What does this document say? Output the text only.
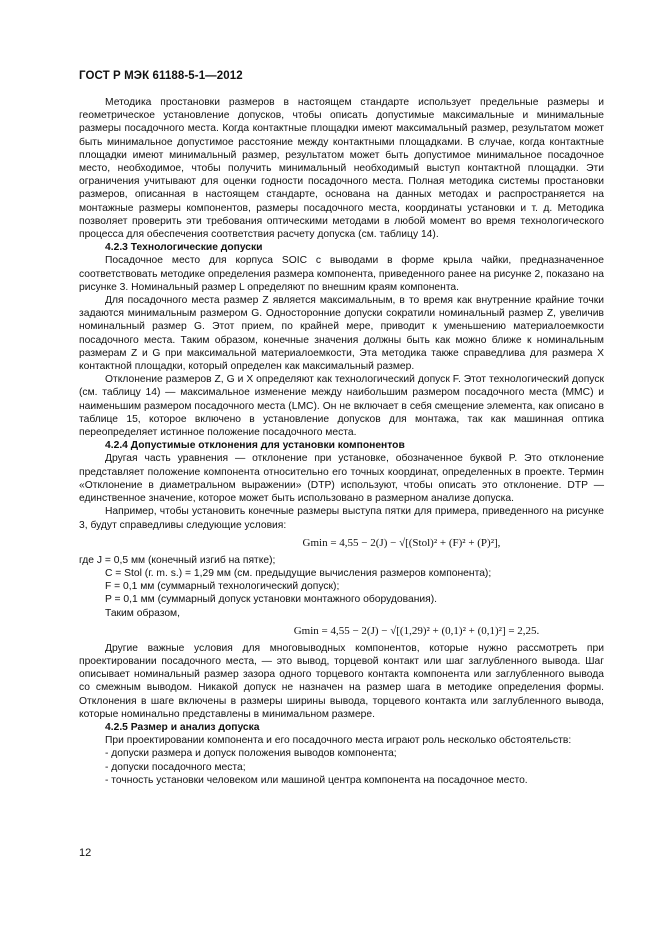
ГОСТ Р МЭК 61188-5-1—2012

Методика простановки размеров в настоящем стандарте использует предельные размеры и геометрическое установление допусков, чтобы описать допустимые максимальные и минимальные размеры посадочного места. Когда контактные площадки имеют максимальный размер, результатом может быть минимальное допустимое расстояние между контактными площадками. В случае, когда контактные площадки имеют минимальный размер, результатом может быть допустимое минимальное посадочное место, необходимое, чтобы получить минимальный необходимый выступ контактной площадки. Эти ограничения учитывают для оценки годности посадочного места. Полная методика системы простановки размеров, описанная в настоящем стандарте, основана на данных методах и распространяется на монтажные размеры компонентов, размеры посадочного места, координаты установки и т. д. Методика позволяет проверить эти требования оптическими методами в любой момент во время технологического процесса для обеспечения соответствия расчету допуска (см. таблицу 14).

4.2.3 Технологические допуски

Посадочное место для корпуса SOIC с выводами в форме крыла чайки, предназначенное соответствовать методике определения размера компонента, приведенного ранее на рисунке 2, показано на рисунке 3. Номинальный размер L определяют по внешним краям компонента.

Для посадочного места размер Z является максимальным, в то время как внутренние крайние точки задаются минимальным размером G. Односторонние допуски сократили номинальный размер Z, увеличив номинальный размер G. Этот прием, по крайней мере, приводит к уменьшению материалоемкости посадочного места. Таким образом, конечные значения должны быть как можно ближе к номинальным размерам Z и G при максимальной материалоемкости, Эта методика также справедлива для размера X контактной площадки, который определен как максимальный размер.

Отклонение размеров Z, G и X определяют как технологический допуск F. Этот технологический допуск (см. таблицу 14) — максимальное изменение между наибольшим размером посадочного места (MMC) и наименьшим размером посадочного места (LMC). Он не включает в себя смещение элемента, как описано в таблице 15, которое включено в установление допусков для монтажа, так как машинная оптика переопределяет истинное положение посадочного места.

4.2.4 Допустимые отклонения для установки компонентов

Другая часть уравнения — отклонение при установке, обозначенное буквой P. Это отклонение представляет положение компонента относительно его точных координат, определенных в проекте. Термин «Отклонение в диаметральном выражении» (DTP) используют, чтобы описать это отклонение. DTP — единственное значение, которое может быть использовано в размерном анализе допуска.

Например, чтобы установить конечные размеры выступа пятки для примера, приведенного на рисунке 3, будут справедливы следующие условия:

Gmin = 4,55 − 2(J) − √[(Stol)² + (F)² + (P)²],

где J = 0,5 мм (конечный изгиб на пятке);

C = Stol (г. m. s.) = 1,29 мм (см. предыдущие вычисления размеров компонента);

F = 0,1 мм (суммарный технологический допуск);

P = 0,1 мм (суммарный допуск установки монтажного оборудования).

Таким образом,

Gmin = 4,55 − 2(J) − √[(1,29)² + (0,1)² + (0,1)²] = 2,25.

Другие важные условия для многовыводных компонентов, которые нужно рассмотреть при проектировании посадочного места, — это вывод, торцевой контакт или шаг заглубленного вывода. Шаг описывает номинальный размер зазора одного торцевого контакта компонента или заглубленного вывода со смежным выводом. Никакой допуск не назначен на размер шага в методике определения формы. Отклонения в шаге включены в размеры ширины вывода, торцевого контакта или заглубленного вывода, которые номинально представлены в минимальном размере.

4.2.5 Размер и анализ допуска

При проектировании компонента и его посадочного места играют роль несколько обстоятельств:

- допуски размера и допуск положения выводов компонента;

- допуски посадочного места;

- точность установки человеком или машиной центра компонента на посадочное место.

12
